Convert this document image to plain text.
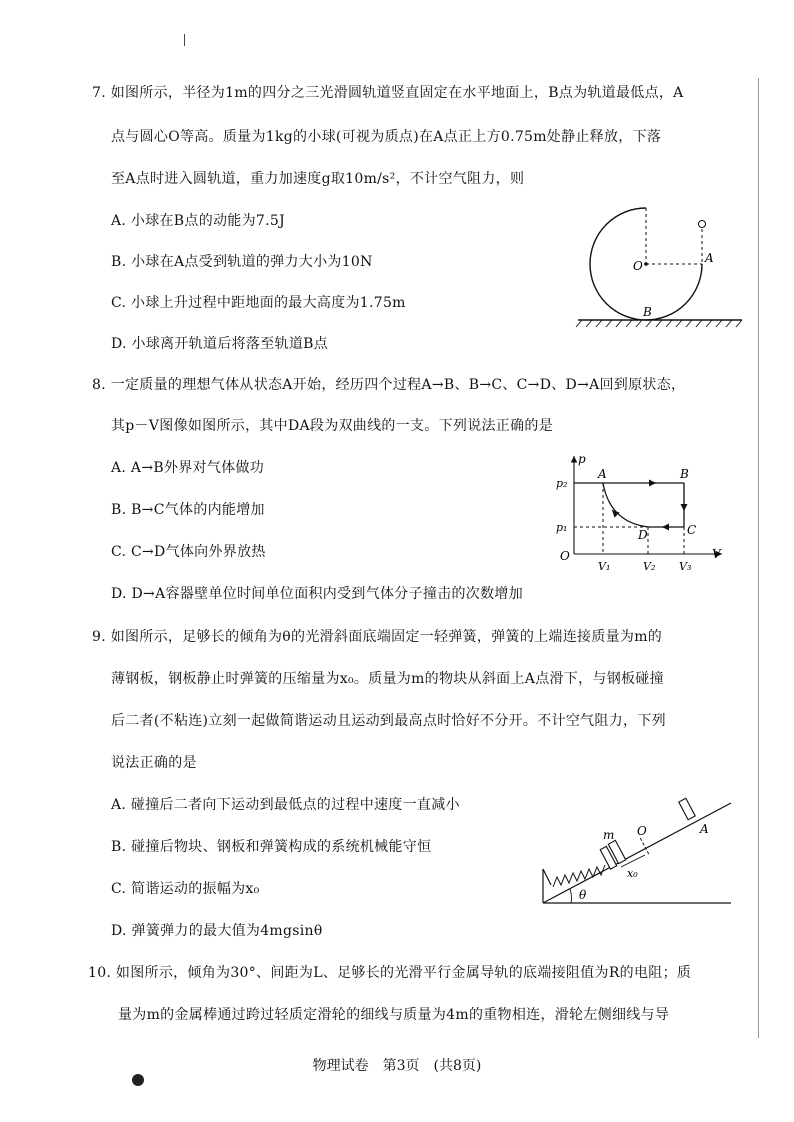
7. 如图所示，半径为1m的四分之三光滑圆轨道竖直固定在水平地面上，B点为轨道最低点，A
点与圆心O等高。质量为1kg的小球(可视为质点)在A点正上方0.75m处静止释放，下落
至A点时进入圆轨道，重力加速度g取10m/s²，不计空气阻力，则
A. 小球在B点的动能为7.5J
B. 小球在A点受到轨道的弹力大小为10N
C. 小球上升过程中距地面的最大高度为1.75m
D. 小球离开轨道后将落至轨道B点
O
A
B
8. 一定质量的理想气体从状态A开始，经历四个过程A→B、B→C、C→D、D→A回到原状态，
其p－V图像如图所示，其中DA段为双曲线的一支。下列说法正确的是
A. A→B外界对气体做功
B. B→C气体的内能增加
C. C→D气体向外界放热
D. D→A容器壁单位时间单位面积内受到气体分子撞击的次数增加
p
V
O
A	B
C
D
p₂
p₁
V₁	V₂ V₃
9. 如图所示，足够长的倾角为θ的光滑斜面底端固定一轻弹簧，弹簧的上端连接质量为m的
薄钢板，钢板静止时弹簧的压缩量为x₀。质量为m的物块从斜面上A点滑下，与钢板碰撞
后二者(不粘连)立刻一起做简谐运动且运动到最高点时恰好不分开。不计空气阻力，下列
说法正确的是
A. 碰撞后二者向下运动到最低点的过程中速度一直减小
B. 碰撞后物块、钢板和弹簧构成的系统机械能守恒
C. 简谐运动的振幅为x₀
D. 弹簧弹力的最大值为4mgsinθ
m O	A
x₀
θ
10. 如图所示，倾角为30°、间距为L、足够长的光滑平行金属导轨的底端接阻值为R的电阻；质
量为m的金属棒通过跨过轻质定滑轮的细线与质量为4m的重物相连，滑轮左侧细线与导
物理试卷　第3页　(共8页)
